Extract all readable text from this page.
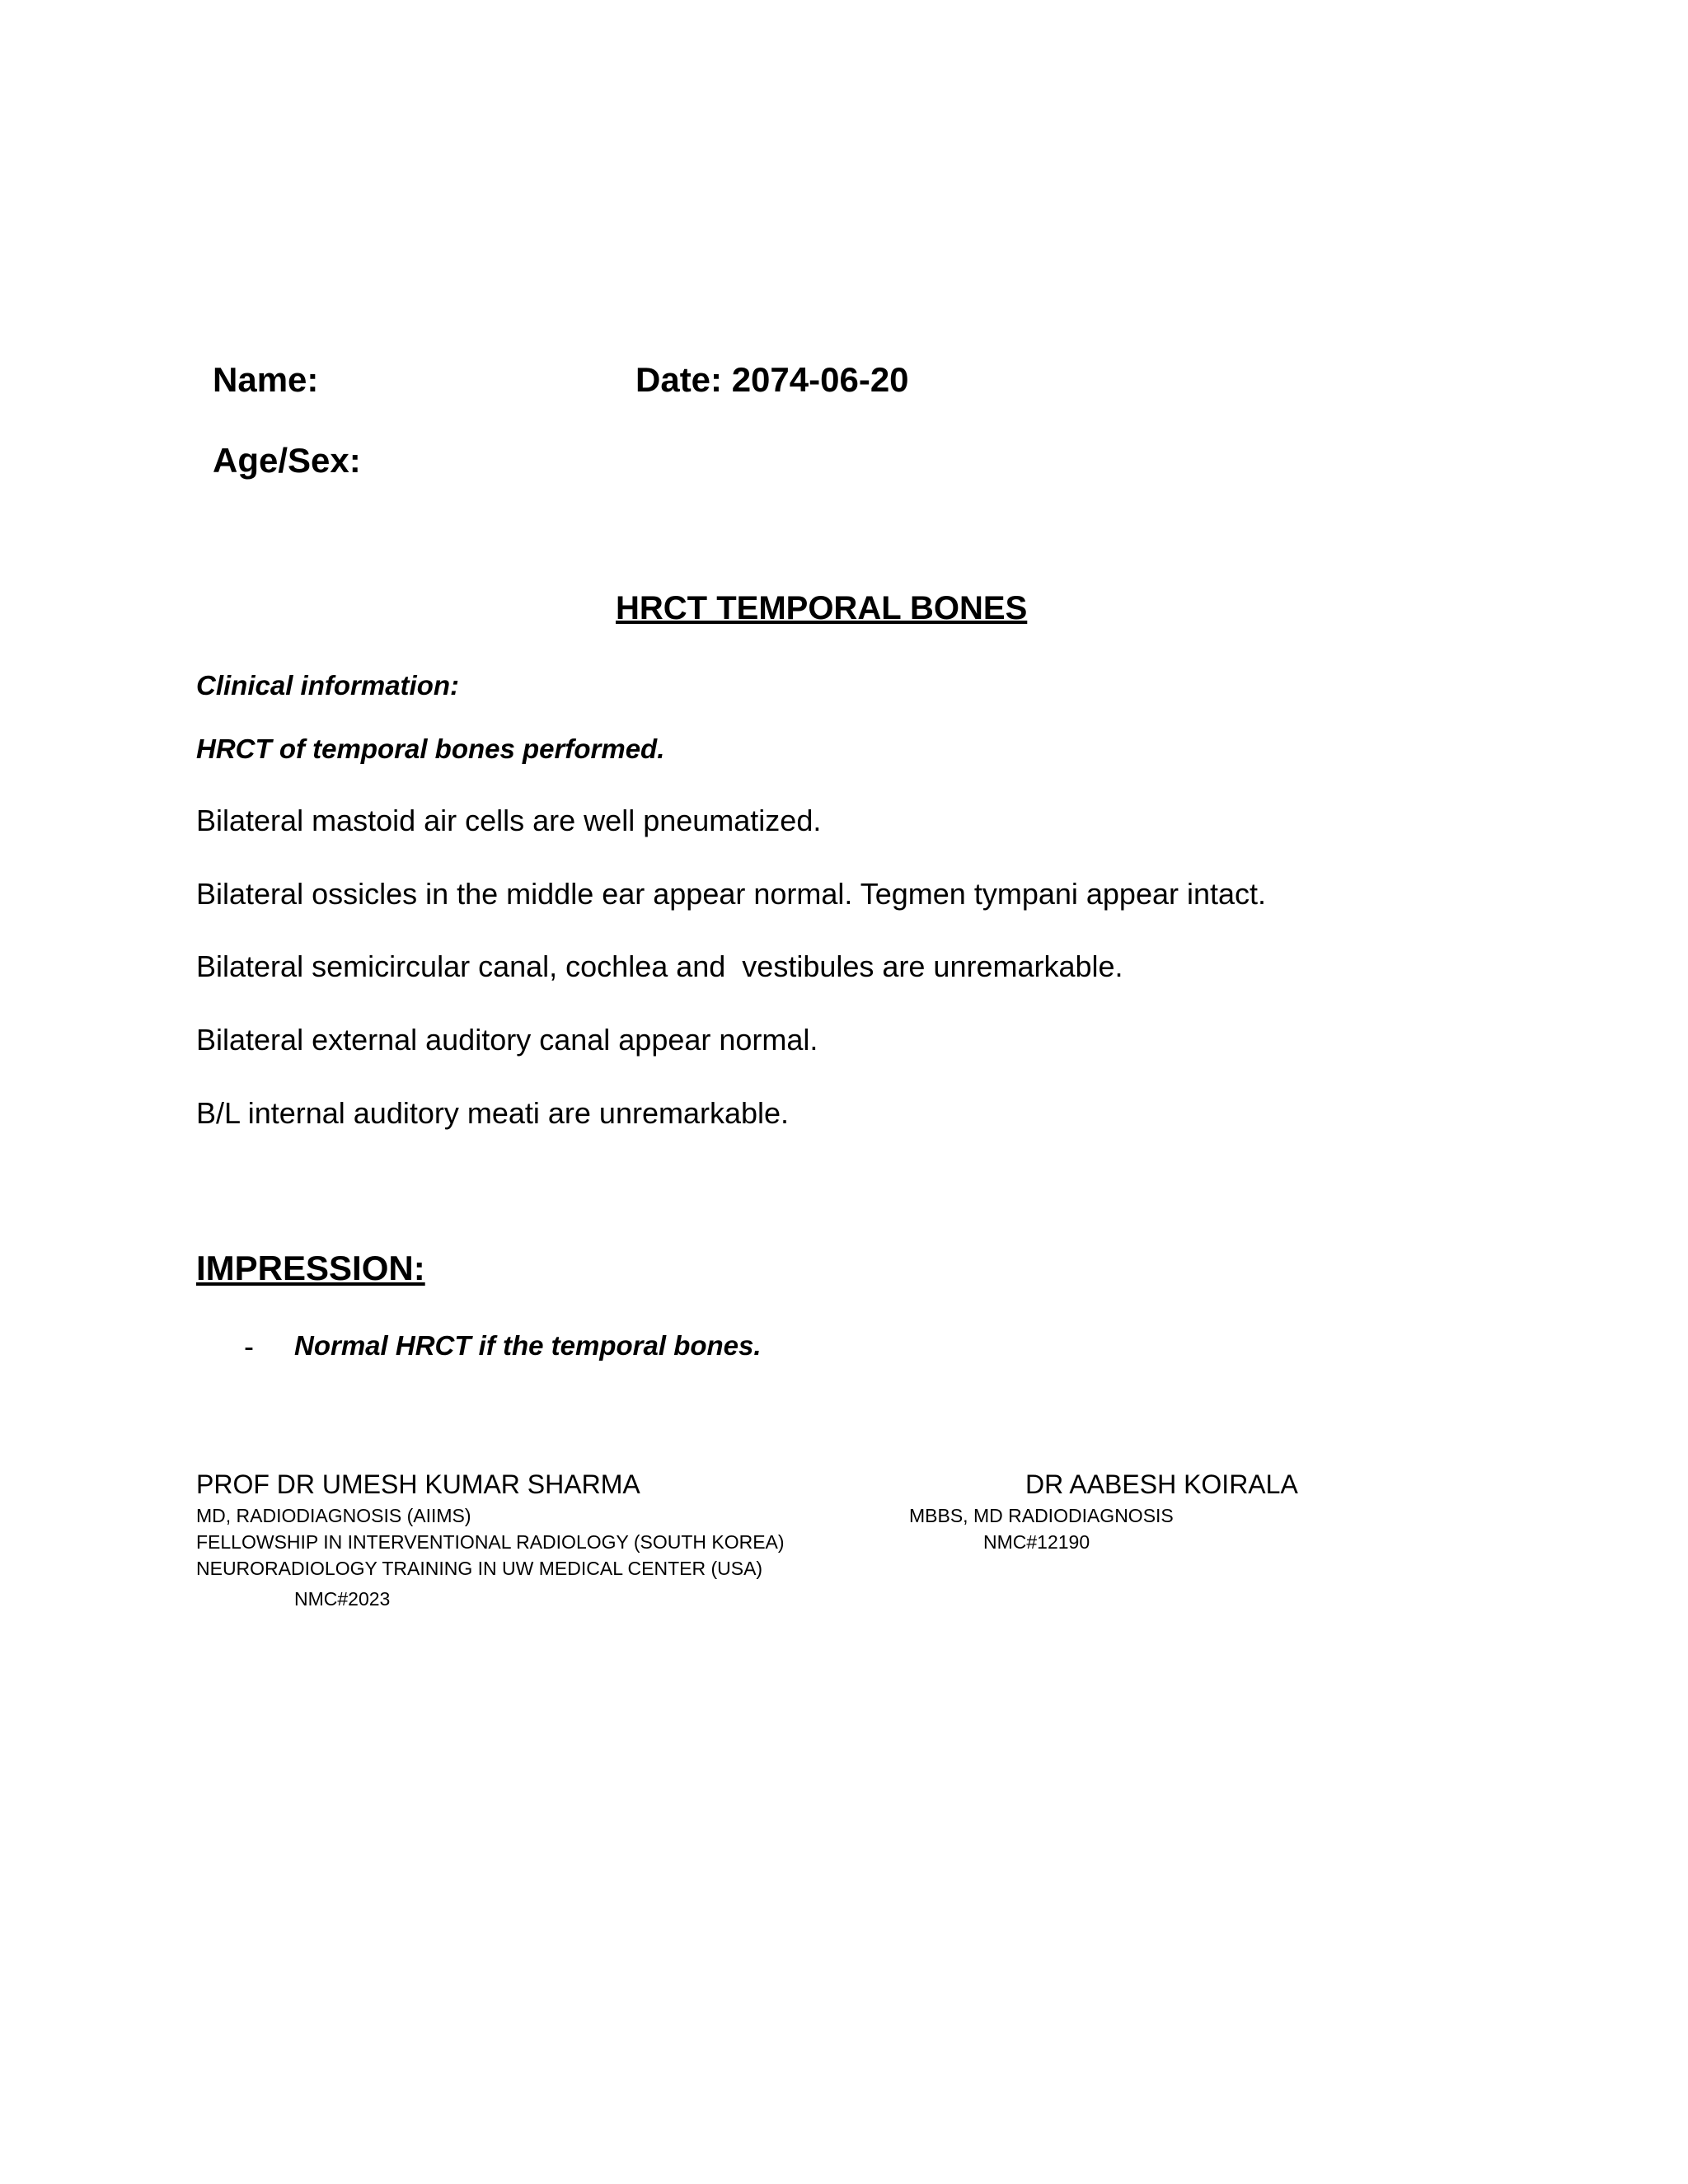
Name:	Date: 2074-06-20
Age/Sex:
HRCT TEMPORAL BONES
Clinical information:
HRCT of temporal bones performed.
Bilateral mastoid air cells are well pneumatized.
Bilateral ossicles in the middle ear appear normal. Tegmen tympani appear intact.
Bilateral semicircular canal, cochlea and  vestibules are unremarkable.
Bilateral external auditory canal appear normal.
B/L internal auditory meati are unremarkable.
IMPRESSION:
- Normal HRCT if the temporal bones.
PROF DR UMESH KUMAR SHARMA
MD, RADIODIAGNOSIS (AIIMS)
FELLOWSHIP IN INTERVENTIONAL RADIOLOGY (SOUTH KOREA)
NEURORADIOLOGY TRAINING IN UW MEDICAL CENTER (USA)
NMC#2023
DR AABESH KOIRALA
MBBS, MD RADIODIAGNOSIS
NMC#12190
